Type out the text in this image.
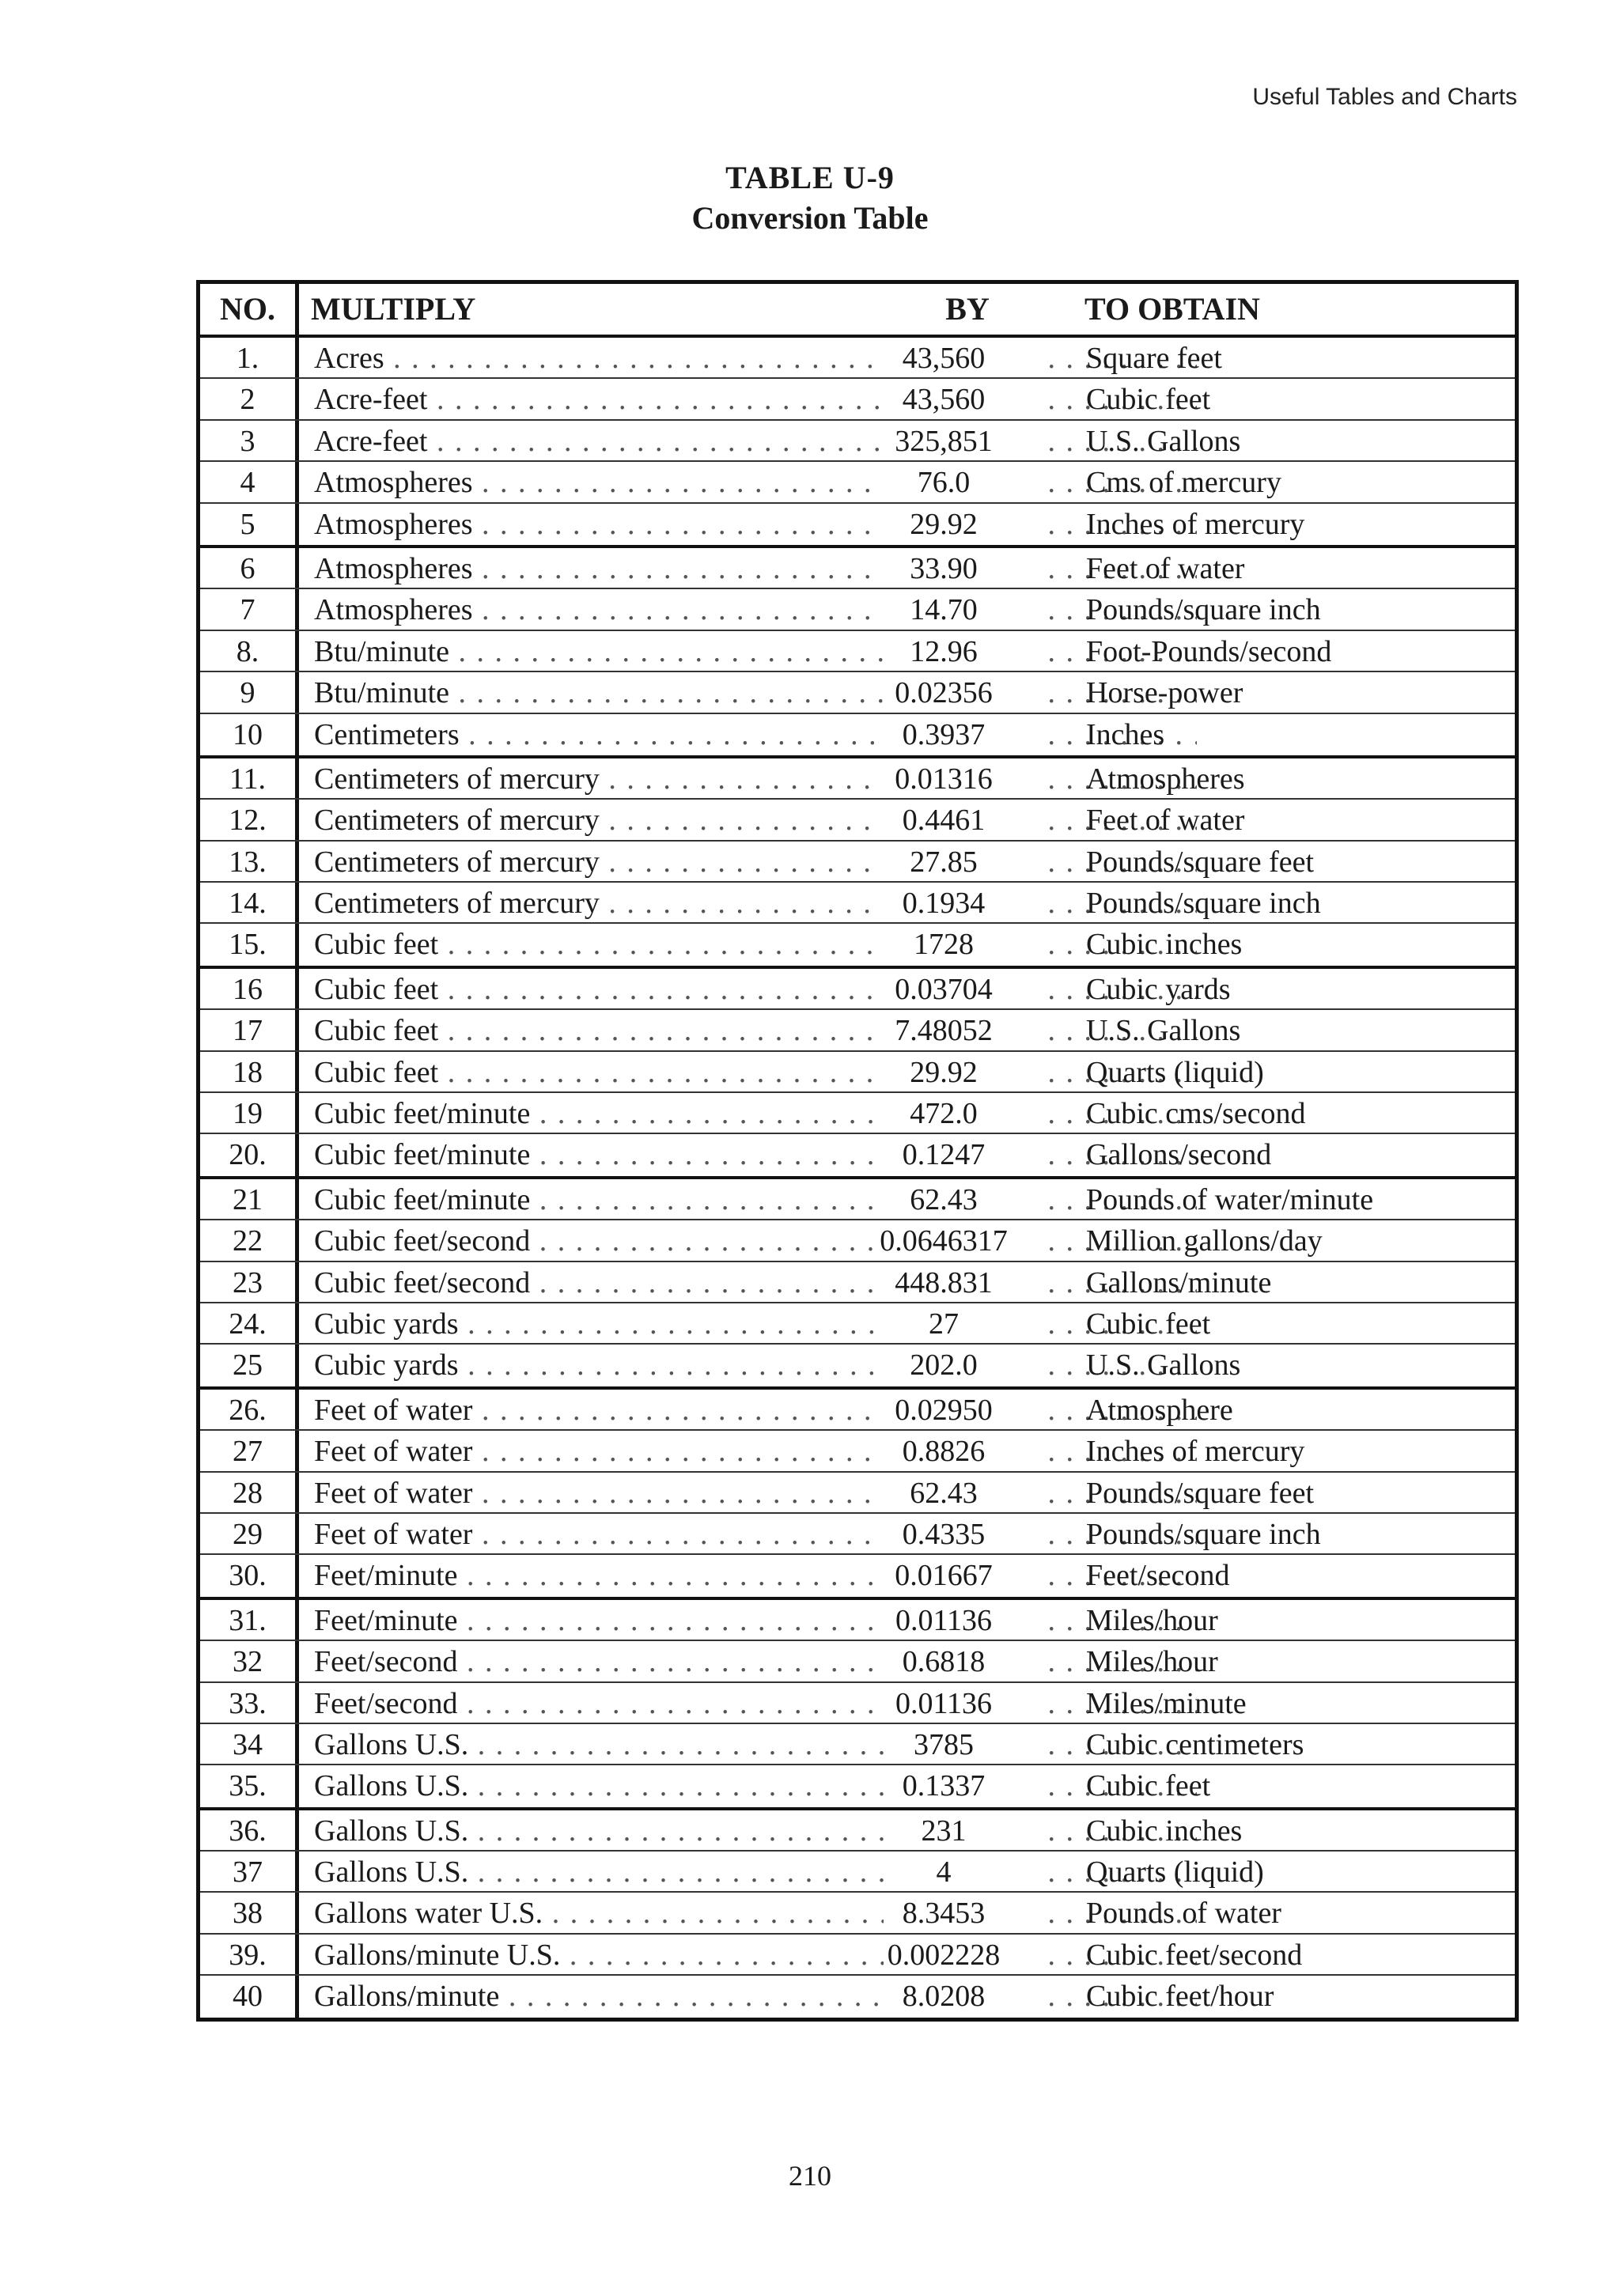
Useful Tables and Charts
TABLE U-9
Conversion Table
NO.	MULTIPLY	BY	TO OBTAIN
1.	Acres . . .	43,560 . . .	Square feet
2	Acre-feet . . .	43,560 . . .	Cubic feet
3	Acre-feet . . .	325,851 . . .	U.S. Gallons
4	Atmospheres . . .	76.0 . . .	Cms of mercury
5	Atmospheres . . .	29.92 . . .	Inches of mercury
6	Atmospheres . . .	33.90 . . .	Feet of water
7	Atmospheres . . .	14.70 . . .	Pounds/square inch
8.	Btu/minute . . .	12.96 . . .	Foot-Pounds/second
9	Btu/minute . . .	0.02356 . . .	Horse-power
10	Centimeters . . .	0.3937 . . .	Inches
11.	Centimeters of mercury . . .	0.01316 . . .	Atmospheres
12.	Centimeters of mercury . . .	0.4461 . . .	Feet of water
13.	Centimeters of mercury . . .	27.85 . . .	Pounds/square feet
14.	Centimeters of mercury . . .	0.1934 . . .	Pounds/square inch
15.	Cubic feet . . .	1728 . . .	Cubic inches
16	Cubic feet . . .	0.03704 . . .	Cubic yards
17	Cubic feet . . .	7.48052 . . .	U.S. Gallons
18	Cubic feet . . .	29.92 . . .	Quarts (liquid)
19	Cubic feet/minute . . .	472.0 . . .	Cubic cms/second
20.	Cubic feet/minute . . .	0.1247 . . .	Gallons/second
21	Cubic feet/minute . . .	62.43 . . .	Pounds of water/minute
22	Cubic feet/second . . .	0.0646317 . . .	Million gallons/day
23	Cubic feet/second . . .	448.831 . . .	Gallons/minute
24.	Cubic yards . . .	27 . . .	Cubic feet
25	Cubic yards . . .	202.0 . . .	U.S. Gallons
26.	Feet of water . . .	0.02950 . . .	Atmosphere
27	Feet of water . . .	0.8826 . . .	Inches of mercury
28	Feet of water . . .	62.43 . . .	Pounds/square feet
29	Feet of water . . .	0.4335 . . .	Pounds/square inch
30.	Feet/minute . . .	0.01667 . . .	Feet/second
31.	Feet/minute . . .	0.01136 . . .	Miles/hour
32	Feet/second . . .	0.6818 . . .	Miles/hour
33.	Feet/second . . .	0.01136 . . .	Miles/minute
34	Gallons U.S. . . .	3785 . . .	Cubic centimeters
35.	Gallons U.S. . . .	0.1337 . . .	Cubic feet
36.	Gallons U.S. . . .	231 . . .	Cubic inches
37	Gallons U.S. . . .	4 . . .	Quarts (liquid)
38	Gallons water U.S. . . .	8.3453 . . .	Pounds of water
39.	Gallons/minute U.S. . . .	0.002228 . . .	Cubic feet/second
40	Gallons/minute . . .	8.0208 . . .	Cubic feet/hour
210
